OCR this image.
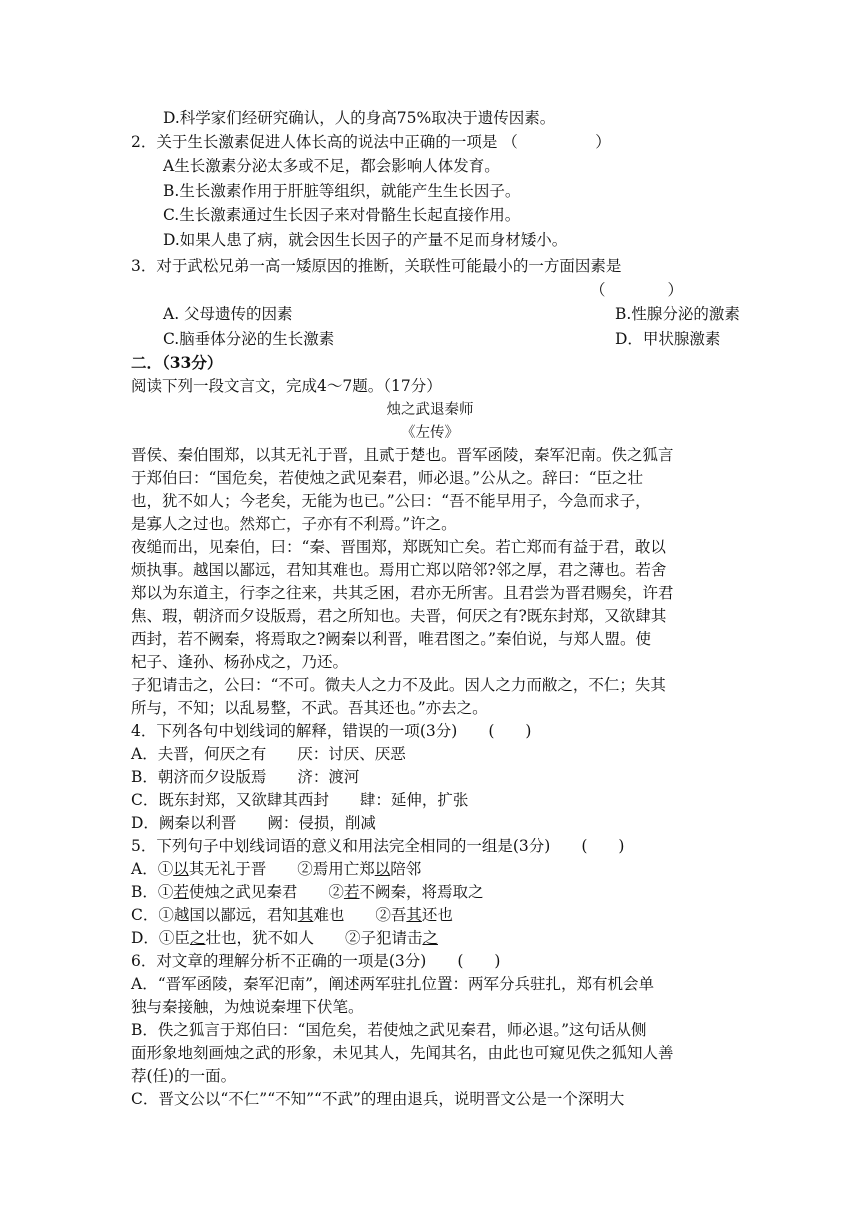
D.科学家们经研究确认，人的身高75%取决于遗传因素。
2．关于生长激素促进人体长高的说法中正确的一项是 （　　　　　）
A生长激素分泌太多或不足，都会影响人体发育。
B.生长激素作用于肝脏等组织，就能产生生长因子。
C.生长激素通过生长因子来对骨骼生长起直接作用。
D.如果人患了病，就会因生长因子的产量不足而身材矮小。
3．对于武松兄弟一高一矮原因的推断，关联性可能最小的一方面因素是
（　　　　）
A. 父母遗传的因素	B.性腺分泌的激素
C.脑垂体分泌的生长激素	D．甲状腺激素
二．（33分）
阅读下列一段文言文，完成4～7题。（17分）
烛之武退秦师
《左传》
晋侯、秦伯围郑，以其无礼于晋，且贰于楚也。晋军函陵，秦军汜南。佚之狐言
于郑伯曰：“国危矣，若使烛之武见秦君，师必退。”公从之。辞曰：“臣之壮
也，犹不如人；今老矣，无能为也已。”公曰：“吾不能早用子，今急而求子，
是寡人之过也。然郑亡，子亦有不利焉。”许之。
夜缒而出，见秦伯，曰：“秦、晋围郑，郑既知亡矣。若亡郑而有益于君，敢以
烦执事。越国以鄙远，君知其难也。焉用亡郑以陪邻?邻之厚，君之薄也。若舍
郑以为东道主，行李之往来，共其乏困，君亦无所害。且君尝为晋君赐矣，许君
焦、瑕，朝济而夕设版焉，君之所知也。夫晋，何厌之有?既东封郑，又欲肆其
西封，若不阙秦，将焉取之?阙秦以利晋，唯君图之。”秦伯说，与郑人盟。使
杞子、逢孙、杨孙戍之，乃还。
子犯请击之，公曰：“不可。微夫人之力不及此。因人之力而敝之，不仁；失其
所与，不知；以乱易整，不武。吾其还也。”亦去之。
4．下列各句中划线词的解释，错误的一项(3分)　　(　　)
A．夫晋，何厌之有　　厌：讨厌、厌恶
B．朝济而夕设版焉　　济：渡河
C．既东封郑，又欲肆其西封　　肆：延伸，扩张
D．阙秦以利晋　　阙：侵损，削减
5．下列句子中划线词语的意义和用法完全相同的一组是(3分)　　(　　)
A．①以其无礼于晋　　②焉用亡郑以陪邻
B．①若使烛之武见秦君　　②若不阙秦，将焉取之
C．①越国以鄙远，君知其难也　　②吾其还也
D．①臣之壮也，犹不如人　　②子犯请击之
6．对文章的理解分析不正确的一项是(3分)　　(　　)
A．“晋军函陵，秦军汜南”，阐述两军驻扎位置：两军分兵驻扎，郑有机会单
独与秦接触，为烛说秦埋下伏笔。
B．佚之狐言于郑伯曰：“国危矣，若使烛之武见秦君，师必退。”这句话从侧
面形象地刻画烛之武的形象，未见其人，先闻其名，由此也可窥见佚之狐知人善
荐(任)的一面。
C．晋文公以“不仁”“不知”“不武”的理由退兵，说明晋文公是一个深明大
